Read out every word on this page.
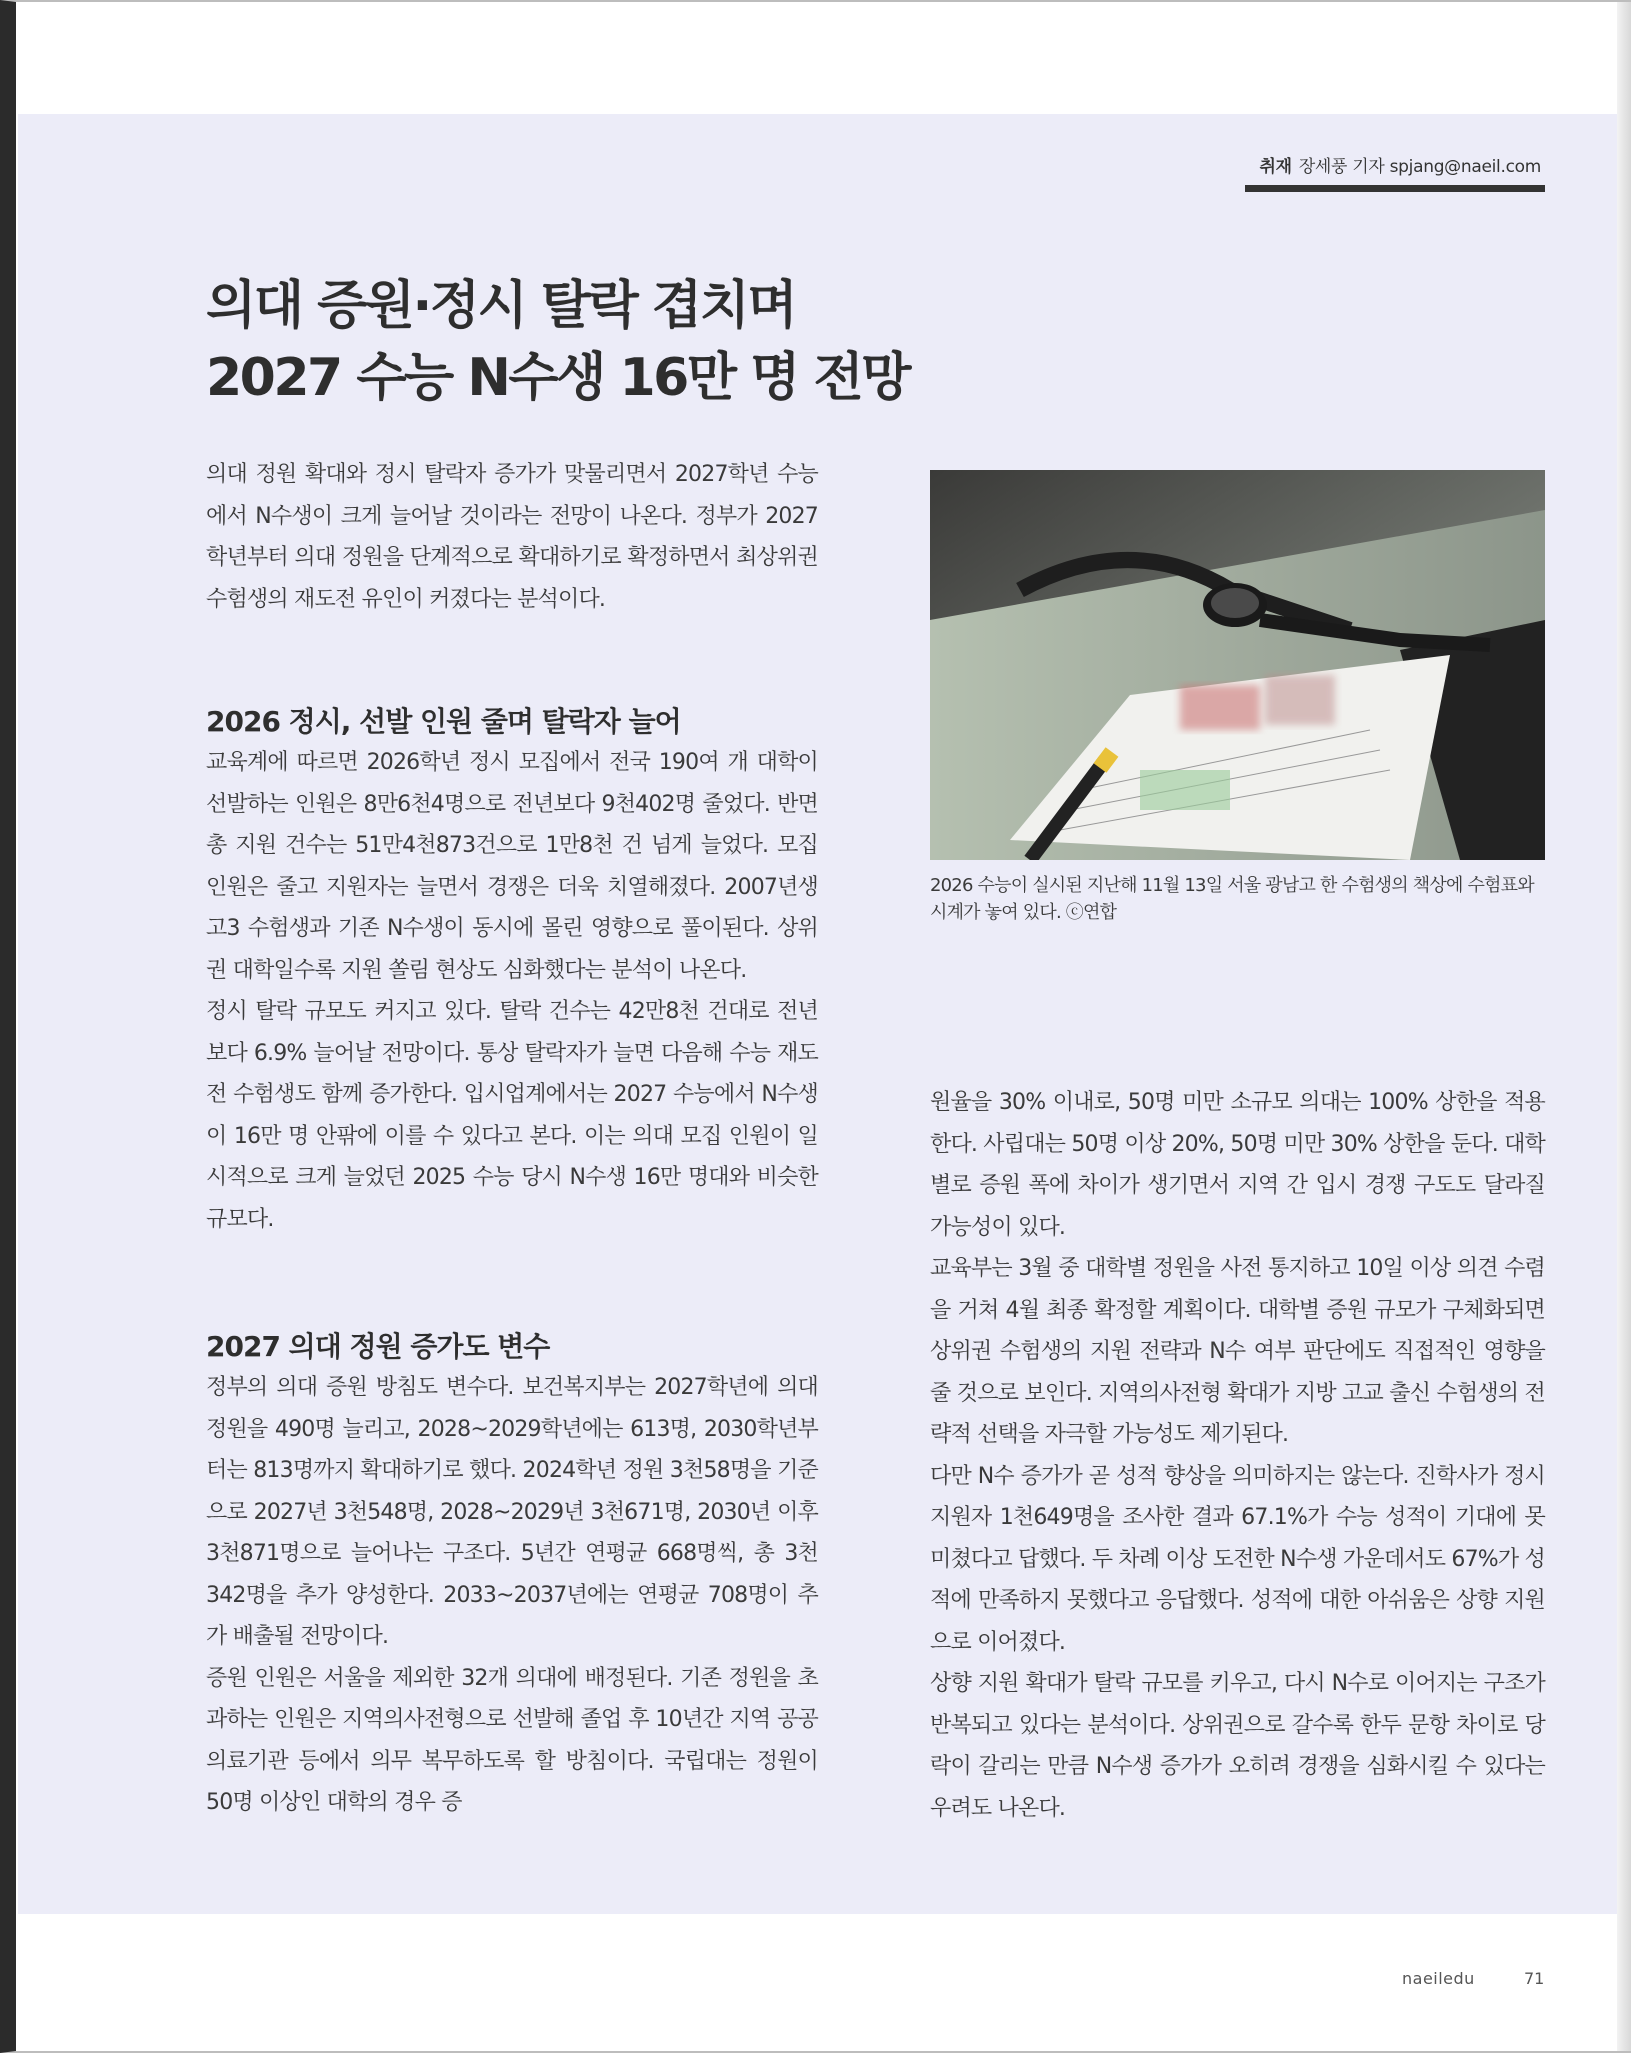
취재 장세풍 기자 spjang@naeil.com
의대 증원·정시 탈락 겹치며
2027 수능 N수생 16만 명 전망

의대 정원 확대와 정시 탈락자 증가가 맞물리면서 2027학년 수능에서 N수생이 크게 늘어날 것이라는 전망이 나온다. 정부가 2027학년부터 의대 정원을 단계적으로 확대하기로 확정하면서 최상위권 수험생의 재도전 유인이 커졌다는 분석이다.

2026 정시, 선발 인원 줄며 탈락자 늘어

교육계에 따르면 2026학년 정시 모집에서 전국 190여 개 대학이 선발하는 인원은 8만6천4명으로 전년보다 9천402명 줄었다. 반면 총 지원 건수는 51만4천873건으로 1만8천 건 넘게 늘었다. 모집 인원은 줄고 지원자는 늘면서 경쟁은 더욱 치열해졌다. 2007년생 고3 수험생과 기존 N수생이 동시에 몰린 영향으로 풀이된다. 상위권 대학일수록 지원 쏠림 현상도 심화했다는 분석이 나온다.

정시 탈락 규모도 커지고 있다. 탈락 건수는 42만8천 건대로 전년보다 6.9% 늘어날 전망이다. 통상 탈락자가 늘면 다음해 수능 재도전 수험생도 함께 증가한다. 입시업계에서는 2027 수능에서 N수생이 16만 명 안팎에 이를 수 있다고 본다. 이는 의대 모집 인원이 일시적으로 크게 늘었던 2025 수능 당시 N수생 16만 명대와 비슷한 규모다.

2027 의대 정원 증가도 변수

정부의 의대 증원 방침도 변수다. 보건복지부는 2027학년에 의대 정원을 490명 늘리고, 2028~2029학년에는 613명, 2030학년부터는 813명까지 확대하기로 했다. 2024학년 정원 3천58명을 기준으로 2027년 3천548명, 2028~2029년 3천671명, 2030년 이후 3천871명으로 늘어나는 구조다. 5년간 연평균 668명씩, 총 3천342명을 추가 양성한다. 2033~2037년에는 연평균 708명이 추가 배출될 전망이다.

증원 인원은 서울을 제외한 32개 의대에 배정된다. 기존 정원을 초과하는 인원은 지역의사전형으로 선발해 졸업 후 10년간 지역 공공의료기관 등에서 의무 복무하도록 할 방침이다. 국립대는 정원이 50명 이상인 대학의 경우 증

2026 수능이 실시된 지난해 11월 13일 서울 광남고 한 수험생의 책상에 수험표와 시계가 놓여 있다. ⓒ연합

원율을 30% 이내로, 50명 미만 소규모 의대는 100% 상한을 적용한다. 사립대는 50명 이상 20%, 50명 미만 30% 상한을 둔다. 대학별로 증원 폭에 차이가 생기면서 지역 간 입시 경쟁 구도도 달라질 가능성이 있다.

교육부는 3월 중 대학별 정원을 사전 통지하고 10일 이상 의견 수렴을 거쳐 4월 최종 확정할 계획이다. 대학별 증원 규모가 구체화되면 상위권 수험생의 지원 전략과 N수 여부 판단에도 직접적인 영향을 줄 것으로 보인다. 지역의사전형 확대가 지방 고교 출신 수험생의 전략적 선택을 자극할 가능성도 제기된다.

다만 N수 증가가 곧 성적 향상을 의미하지는 않는다. 진학사가 정시 지원자 1천649명을 조사한 결과 67.1%가 수능 성적이 기대에 못 미쳤다고 답했다. 두 차례 이상 도전한 N수생 가운데서도 67%가 성적에 만족하지 못했다고 응답했다. 성적에 대한 아쉬움은 상향 지원으로 이어졌다.

상향 지원 확대가 탈락 규모를 키우고, 다시 N수로 이어지는 구조가 반복되고 있다는 분석이다. 상위권으로 갈수록 한두 문항 차이로 당락이 갈리는 만큼 N수생 증가가 오히려 경쟁을 심화시킬 수 있다는 우려도 나온다.

naeiledu	71
